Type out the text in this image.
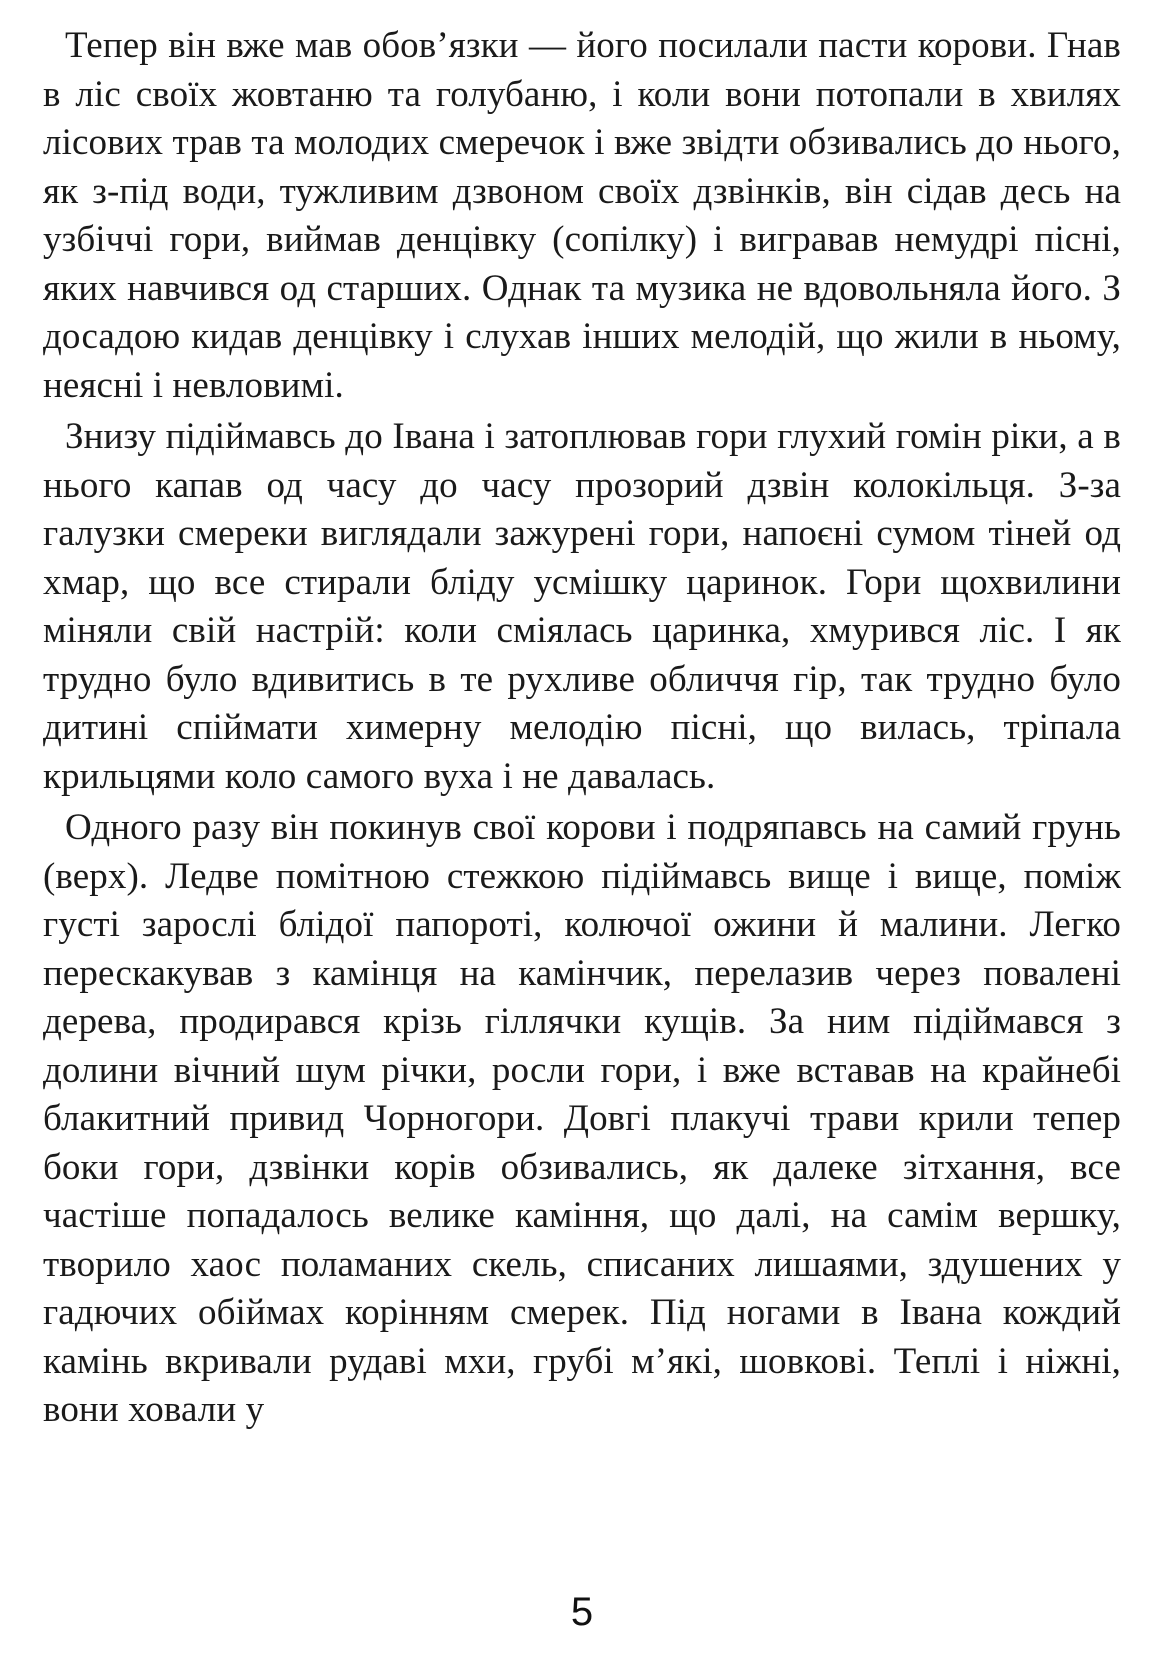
Тепер він вже мав обов’язки — його посилали пасти корови. Гнав в ліс своїх жовтаню та голубаню, і коли вони потопали в хвилях лісових трав та молодих смеречок і вже звідти обзивались до нього, як з-під води, тужливим дзвоном своїх дзвінків, він сідав десь на узбіччі гори, виймав денцівку (сопілку) і вигравав немудрі пісні, яких навчився од старших. Однак та музика не вдовольняла його. З досадою кидав денцівку і слухав інших мелодій, що жили в ньому, неясні і невловимі.

Знизу підіймавсь до Івана і затоплював гори глухий гомін ріки, а в нього капав од часу до часу прозорий дзвін колокільця. З-за галузки смереки виглядали зажурені гори, напоєні сумом тіней од хмар, що все стирали бліду усмішку царинок. Гори щохвилини міняли свій настрій: коли сміялась царинка, хмурився ліс. І як трудно було вдивитись в те рухливе обличчя гір, так трудно було дитині спіймати химерну мелодію пісні, що вилась, тріпала крильцями коло самого вуха і не давалась.

Одного разу він покинув свої корови і подряпавсь на самий грунь (верх). Ледве помітною стежкою підіймавсь вище і вище, поміж густі зарослі блідої папороті, колючої ожини й малини. Легко перескакував з камінця на камінчик, перелазив через повалені дерева, продирався крізь гіллячки кущів. За ним підіймався з долини вічний шум річки, росли гори, і вже вставав на крайнебі блакитний привид Чорногори. Довгі плакучі трави крили тепер боки гори, дзвінки корів обзивались, як далеке зітхання, все частіше попадалось велике каміння, що далі, на самім вершку, творило хаос поламаних скель, списаних лишаями, здушених у гадючих обіймах корінням смерек. Під ногами в Івана кождий камінь вкривали рудаві мхи, грубі м’які, шовкові. Теплі і ніжні, вони ховали у

5
